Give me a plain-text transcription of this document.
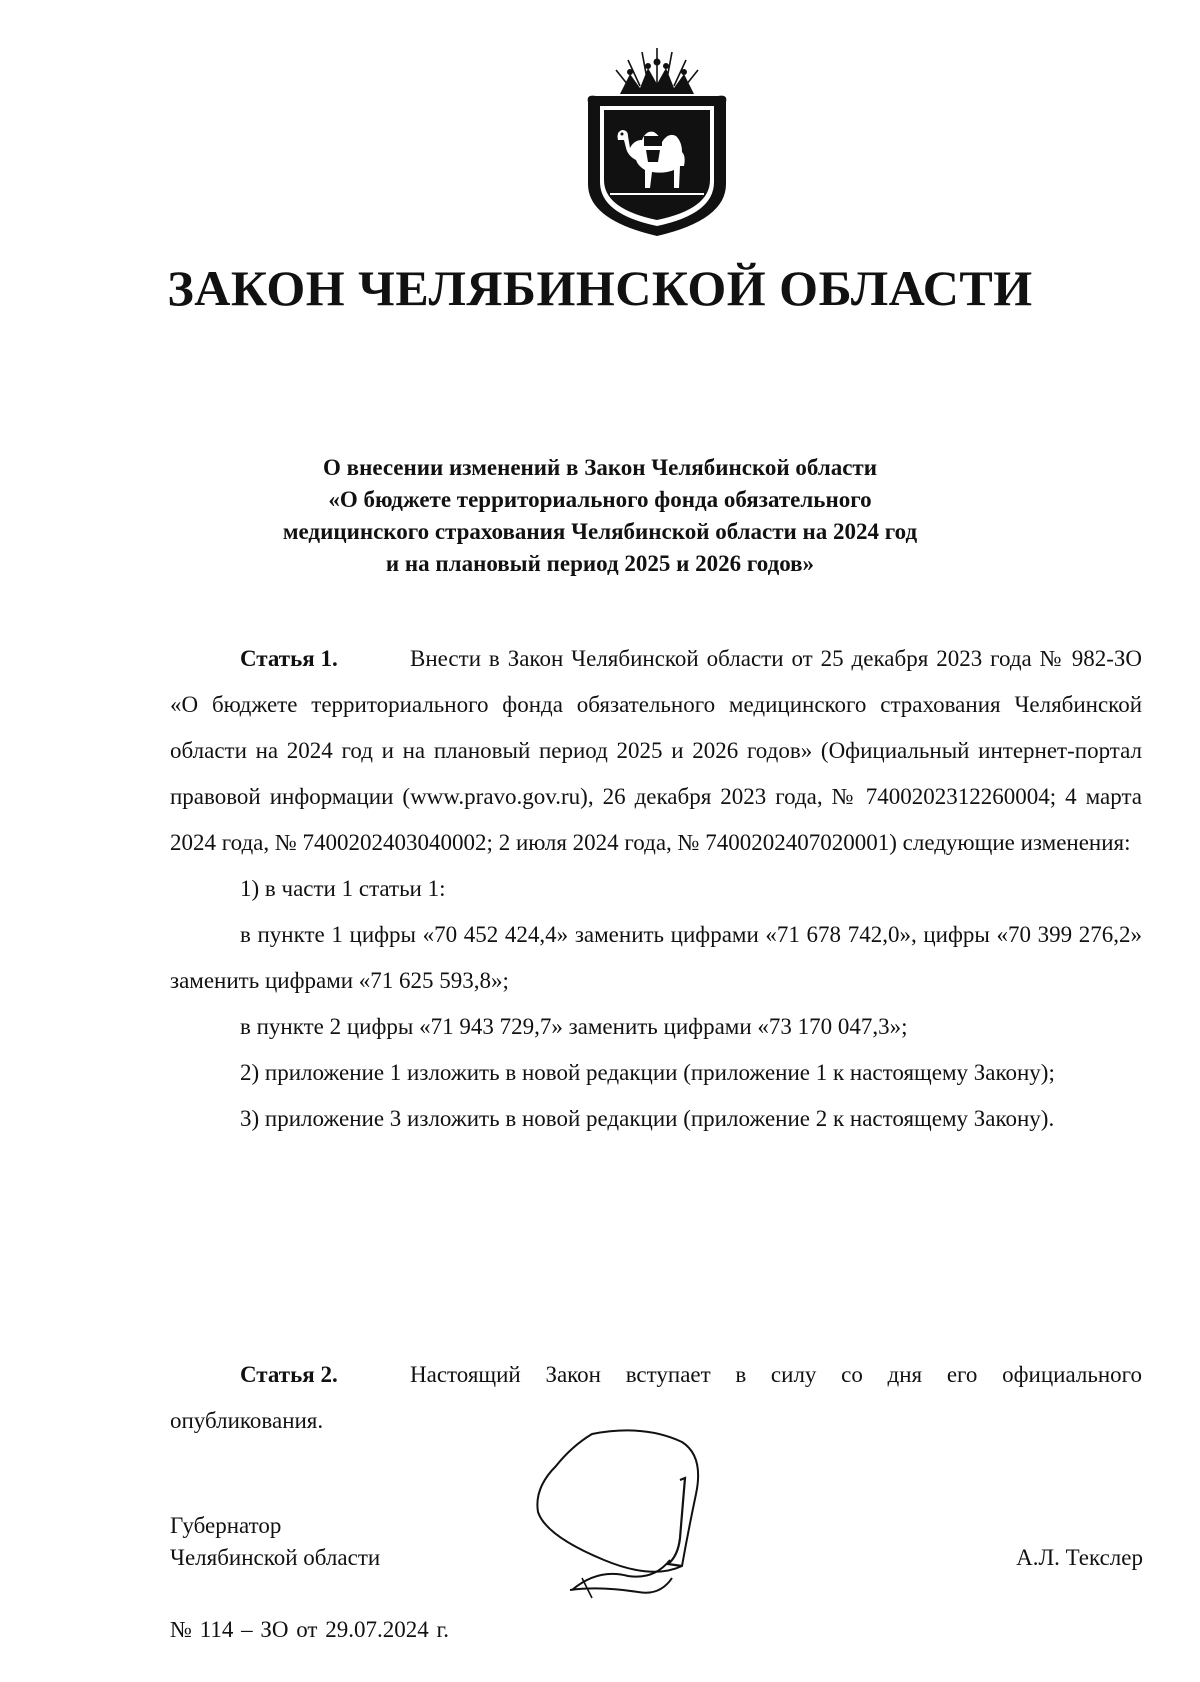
ЗАКОН ЧЕЛЯБИНСКОЙ ОБЛАСТИ
О внесении изменений в Закон Челябинской области
«О бюджете территориального фонда обязательного
медицинского страхования Челябинской области на 2024 год
и на плановый период 2025 и 2026 годов»

Статья 1.	Внести в Закон Челябинской области от 25 декабря 2023 года № 982-ЗО «О бюджете территориального фонда обязательного медицинского страхования Челябинской области на 2024 год и на плановый период 2025 и 2026 годов» (Официальный интернет-портал правовой информации (www.pravo.gov.ru), 26 декабря 2023 года, № 7400202312260004; 4 марта 2024 года, № 7400202403040002; 2 июля 2024 года, № 7400202407020001) следующие изменения:

1) в части 1 статьи 1:

в пункте 1 цифры «70 452 424,4» заменить цифрами «71 678 742,0», цифры «70 399 276,2» заменить цифрами «71 625 593,8»;

в пункте 2 цифры «71 943 729,7» заменить цифрами «73 170 047,3»;

2) приложение 1 изложить в новой редакции (приложение 1 к настоящему Закону);

3) приложение 3 изложить в новой редакции (приложение 2 к настоящему Закону).

Статья 2.	Настоящий Закон вступает в силу со дня его официального опубликования.

Губернатор
Челябинской области	А.Л. Текслер
№ 114 – ЗО от 29.07.2024 г.
